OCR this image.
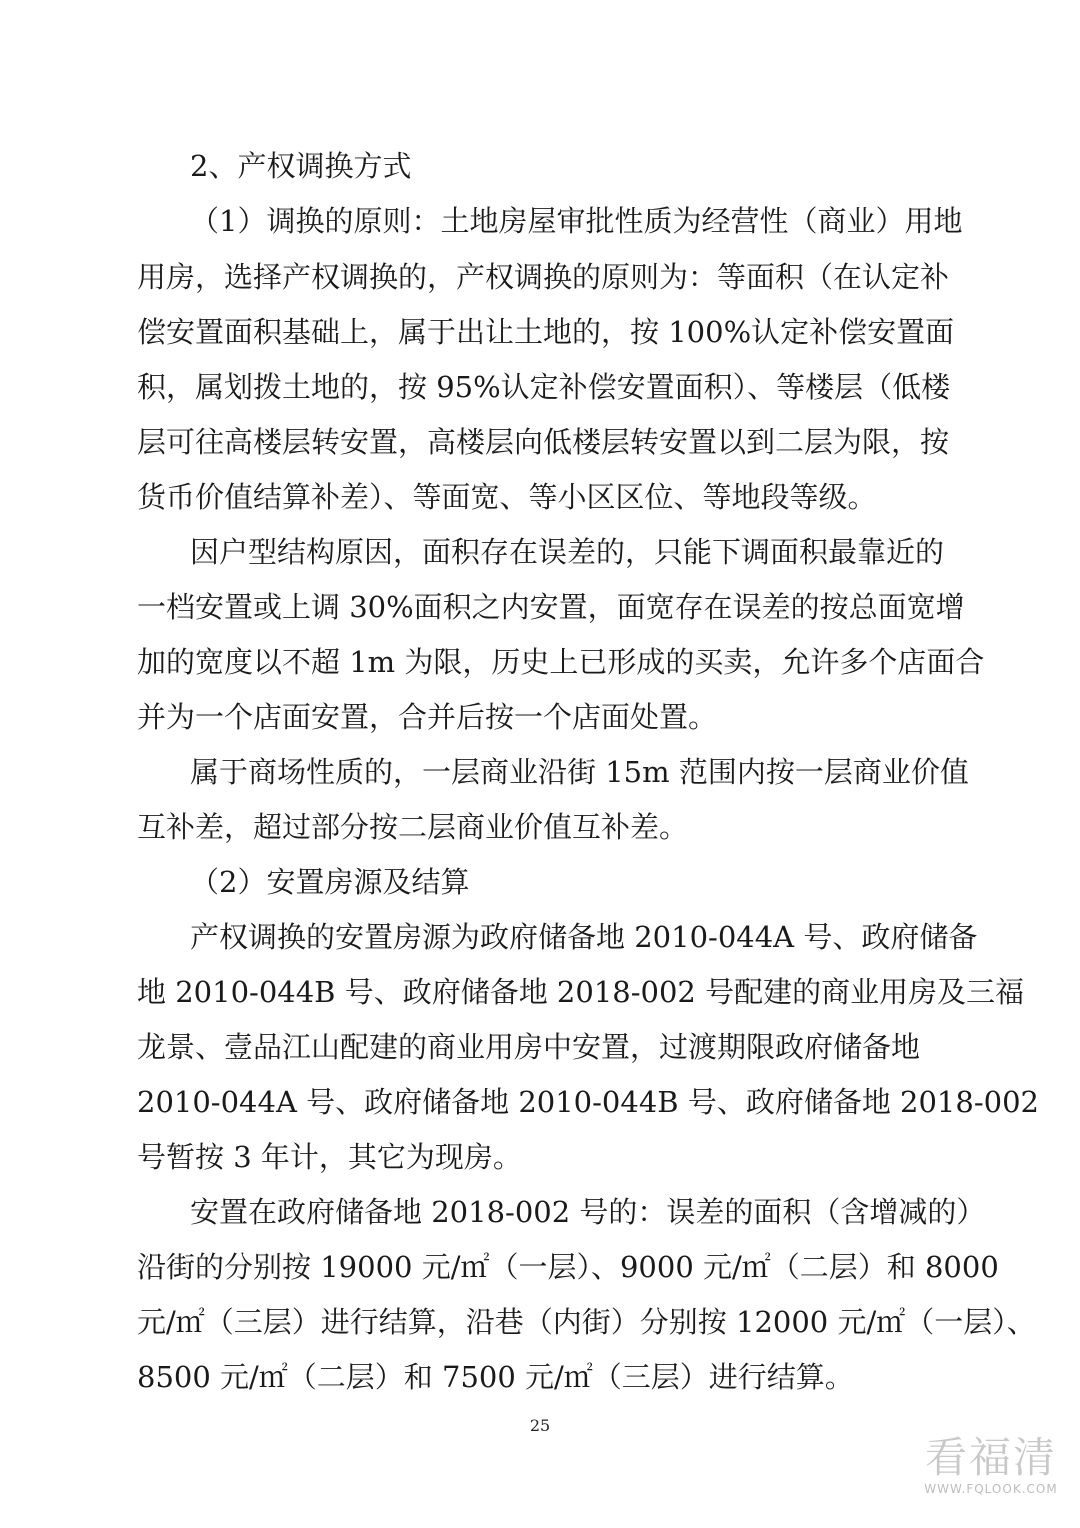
2、产权调换方式
（1）调换的原则：土地房屋审批性质为经营性（商业）用地
用房，选择产权调换的，产权调换的原则为：等面积（在认定补
偿安置面积基础上，属于出让土地的，按 100%认定补偿安置面
积，属划拨土地的，按 95%认定补偿安置面积）、等楼层（低楼
层可往高楼层转安置，高楼层向低楼层转安置以到二层为限，按
货币价值结算补差）、等面宽、等小区区位、等地段等级。
因户型结构原因，面积存在误差的，只能下调面积最靠近的
一档安置或上调 30%面积之内安置，面宽存在误差的按总面宽增
加的宽度以不超 1m 为限，历史上已形成的买卖，允许多个店面合
并为一个店面安置，合并后按一个店面处置。
属于商场性质的，一层商业沿街 15m 范围内按一层商业价值
互补差，超过部分按二层商业价值互补差。
（2）安置房源及结算
产权调换的安置房源为政府储备地 2010-044A 号、政府储备
地 2010-044B 号、政府储备地 2018-002 号配建的商业用房及三福
龙景、壹品江山配建的商业用房中安置，过渡期限政府储备地
2010-044A 号、政府储备地 2010-044B 号、政府储备地 2018-002
号暂按 3 年计，其它为现房。
安置在政府储备地 2018-002 号的：误差的面积（含增减的）
沿街的分别按 19000 元/㎡（一层）、9000 元/㎡（二层）和 8000
元/㎡（三层）进行结算，沿巷（内街）分别按 12000 元/㎡（一层）、
8500 元/㎡（二层）和 7500 元/㎡（三层）进行结算。
25
看福清
WWW.FQLOOK.COM
